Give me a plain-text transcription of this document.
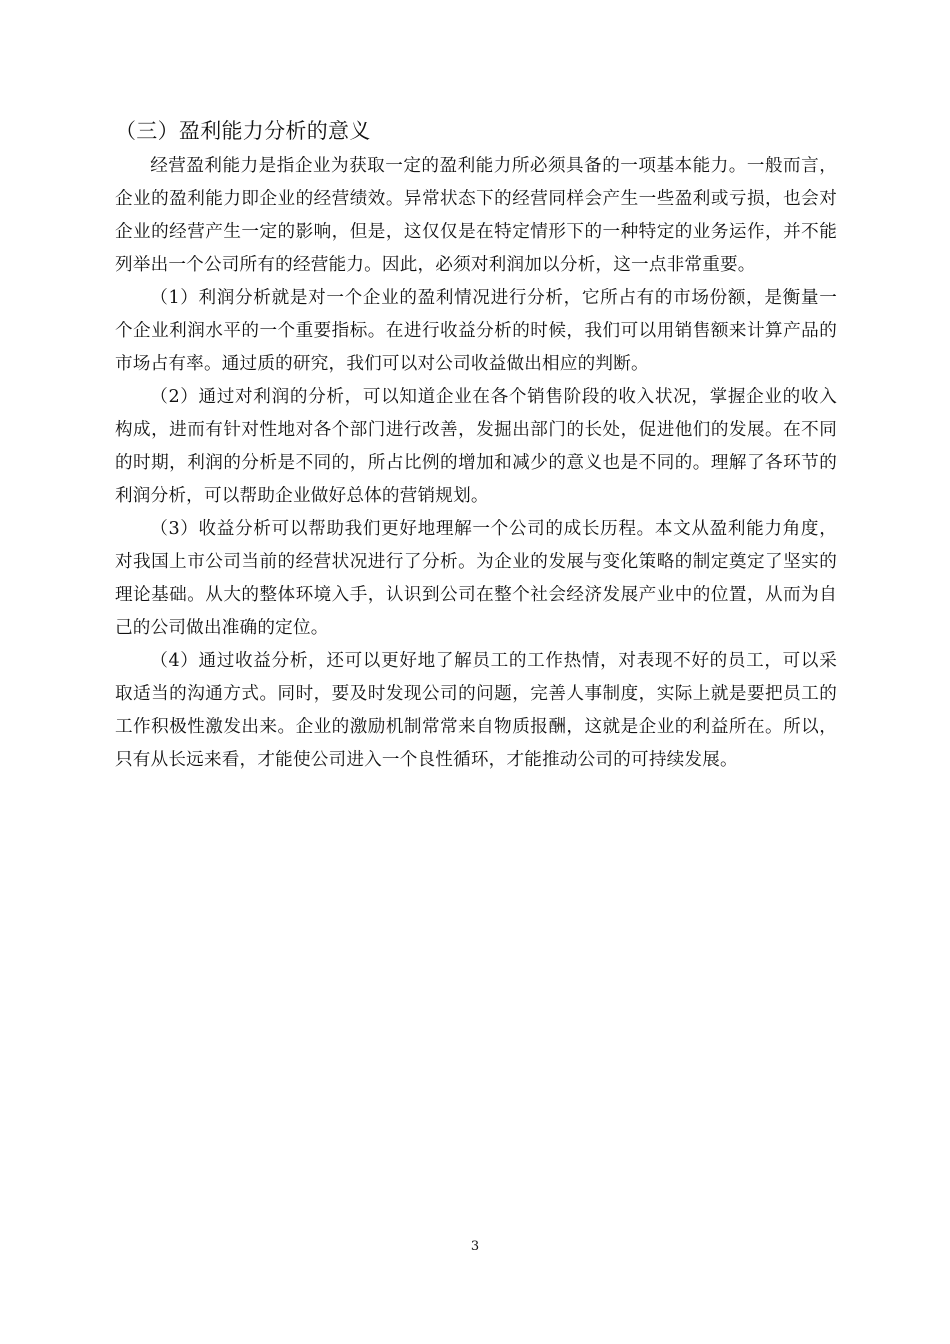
（三）盈利能力分析的意义

经营盈利能力是指企业为获取一定的盈利能力所必须具备的一项基本能力。一般而言，企业的盈利能力即企业的经营绩效。异常状态下的经营同样会产生一些盈利或亏损，也会对企业的经营产生一定的影响，但是，这仅仅是在特定情形下的一种特定的业务运作，并不能列举出一个公司所有的经营能力。因此，必须对利润加以分析，这一点非常重要。

（1）利润分析就是对一个企业的盈利情况进行分析，它所占有的市场份额，是衡量一个企业利润水平的一个重要指标。在进行收益分析的时候，我们可以用销售额来计算产品的市场占有率。通过质的研究，我们可以对公司收益做出相应的判断。

（2）通过对利润的分析，可以知道企业在各个销售阶段的收入状况，掌握企业的收入构成，进而有针对性地对各个部门进行改善，发掘出部门的长处，促进他们的发展。在不同的时期，利润的分析是不同的，所占比例的增加和减少的意义也是不同的。理解了各环节的利润分析，可以帮助企业做好总体的营销规划。

（3）收益分析可以帮助我们更好地理解一个公司的成长历程。本文从盈利能力角度，对我国上市公司当前的经营状况进行了分析。为企业的发展与变化策略的制定奠定了坚实的理论基础。从大的整体环境入手，认识到公司在整个社会经济发展产业中的位置，从而为自己的公司做出准确的定位。

（4）通过收益分析，还可以更好地了解员工的工作热情，对表现不好的员工，可以采取适当的沟通方式。同时，要及时发现公司的问题，完善人事制度，实际上就是要把员工的工作积极性激发出来。企业的激励机制常常来自物质报酬，这就是企业的利益所在。所以，只有从长远来看，才能使公司进入一个良性循环，才能推动公司的可持续发展。

3
